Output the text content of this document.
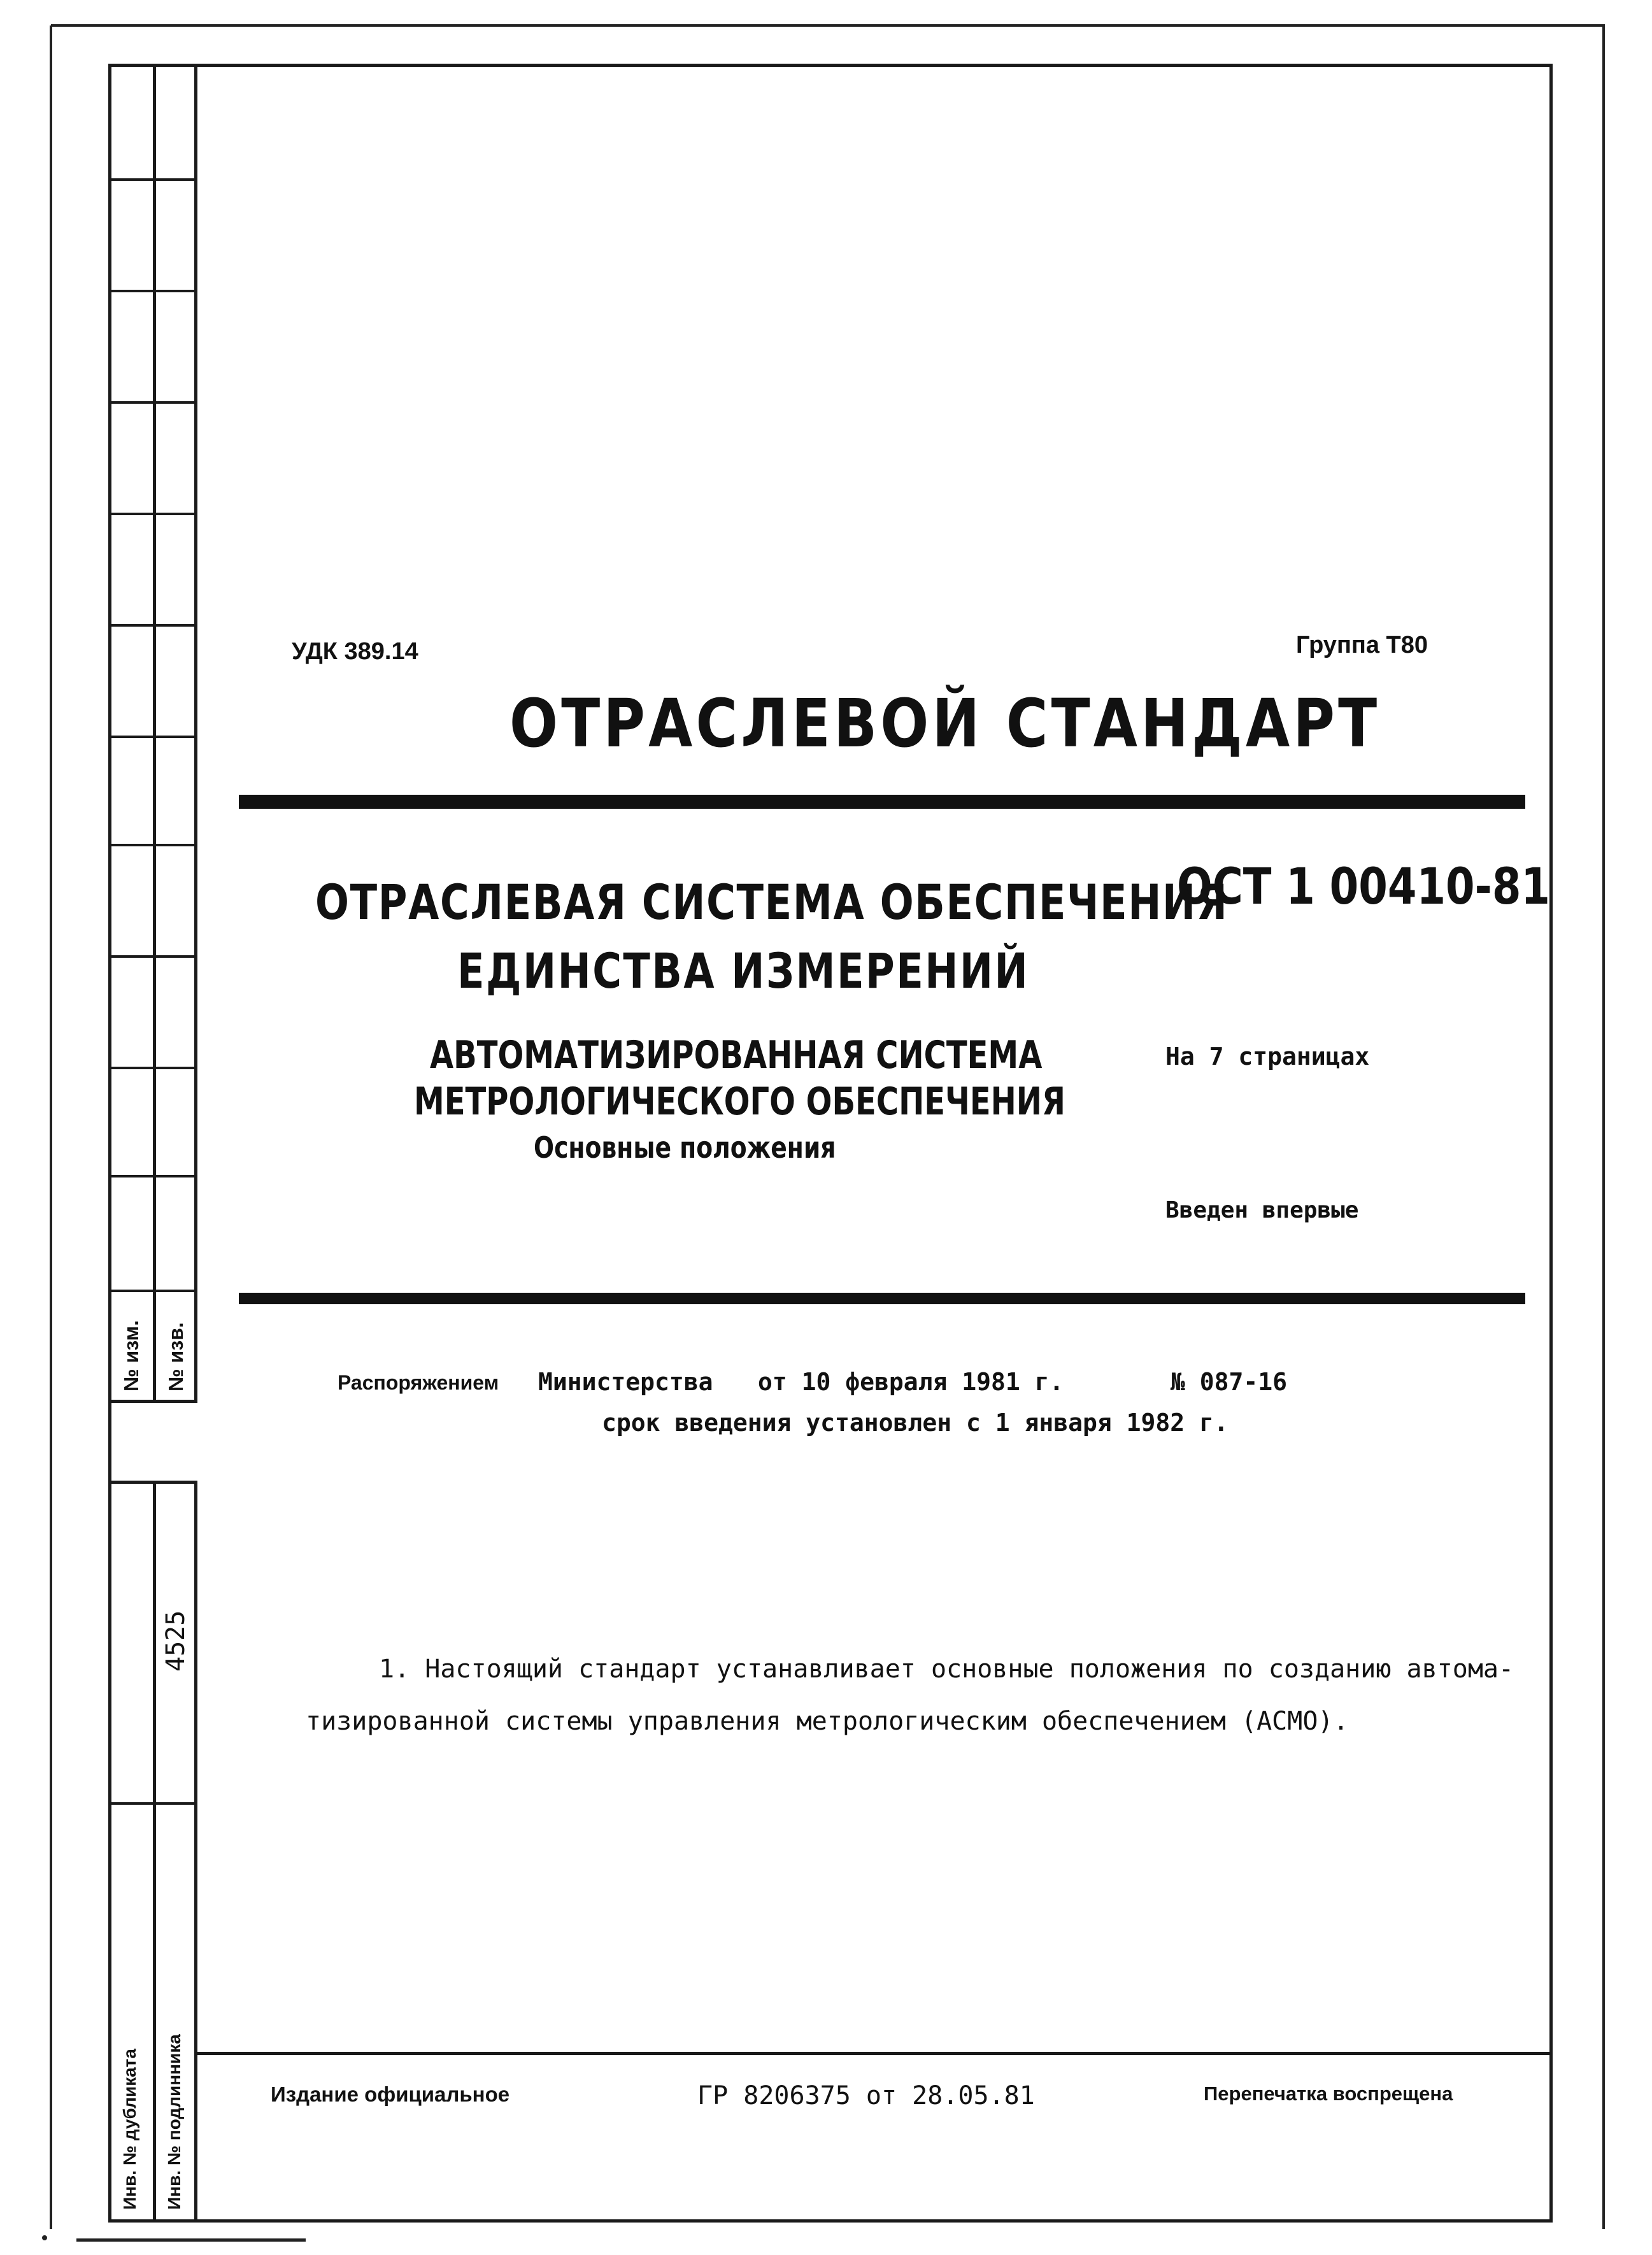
№ изм. № изв.
4525
Инв. № дубликата Инв. № подлинника
УДК 389.14	Группа Т80
ОТРАСЛЕВОЙ СТАНДАРТ
ОТРАСЛЕВАЯ СИСТЕМА ОБЕСПЕЧЕНИЯ
ЕДИНСТВА ИЗМЕРЕНИЙ
АВТОМАТИЗИРОВАННАЯ СИСТЕМА
МЕТРОЛОГИЧЕСКОГО ОБЕСПЕЧЕНИЯ
Основные положения
ОСТ 1 00410-81
На 7 страницах
Введен впервые
Распоряжением Министерства от 10 февраля 1981 г.	№ 087-16
срок введения установлен с 1 января 1982 г.
1. Настоящий стандарт устанавливает основные положения по созданию автома-
тизированной системы управления метрологическим обеспечением (АСМО).
Издание официальное	ГР 8206375 от 28.05.81	Перепечатка воспрещена
